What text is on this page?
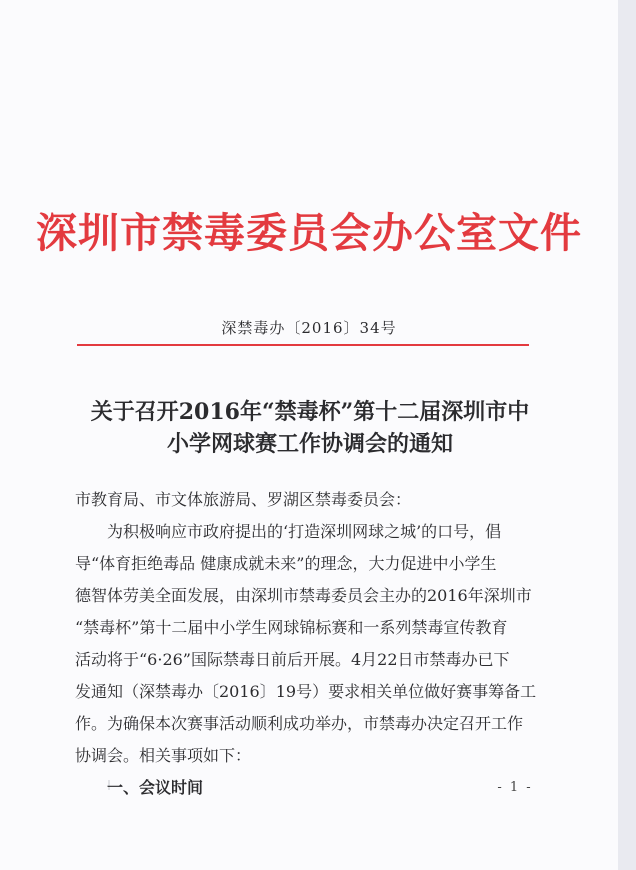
深圳市禁毒委员会办公室文件
深禁毒办〔2016〕34号
关于召开2016年“禁毒杯”第十二届深圳市中
小学网球赛工作协调会的通知
市教育局、市文体旅游局、罗湖区禁毒委员会：
为积极响应市政府提出的‘打造深圳网球之城’的口号，倡
导“体育拒绝毒品 健康成就未来”的理念，大力促进中小学生
德智体劳美全面发展，由深圳市禁毒委员会主办的2016年深圳市
“禁毒杯”第十二届中小学生网球锦标赛和一系列禁毒宣传教育
活动将于“6·26”国际禁毒日前后开展。4月22日市禁毒办已下
发通知（深禁毒办〔2016〕19号）要求相关单位做好赛事筹备工
作。为确保本次赛事活动顺利成功举办，市禁毒办决定召开工作
协调会。相关事项如下：
一、会议时间	- 1 -
